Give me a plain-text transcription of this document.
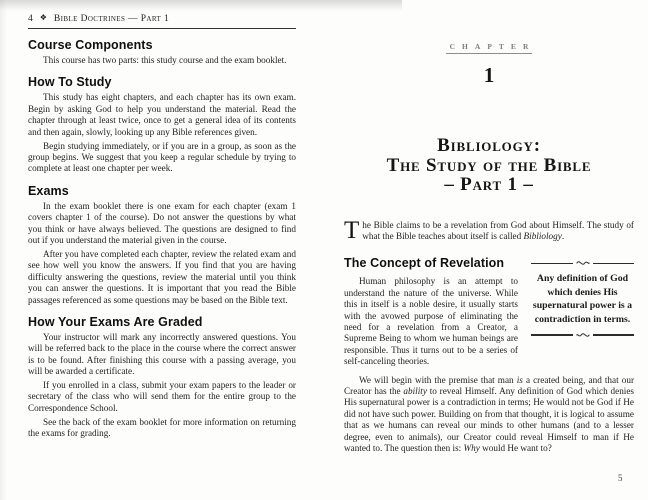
4 ❖ Bible Doctrines — Part 1
Course Components

This course has two parts: this study course and the exam booklet.

How To Study

This study has eight chapters, and each chapter has its own exam. Begin by asking God to help you understand the material. Read the chapter through at least twice, once to get a general idea of its contents and then again, slowly, looking up any Bible references given.

Begin studying immediately, or if you are in a group, as soon as the group begins. We suggest that you keep a regular schedule by trying to complete at least one chapter per week.

Exams

In the exam booklet there is one exam for each chapter (exam 1 covers chapter 1 of the course). Do not answer the questions by what you think or have always believed. The questions are designed to find out if you understand the material given in the course.

After you have completed each chapter, review the related exam and see how well you know the answers. If you find that you are having difficulty answering the questions, review the material until you think you can answer the questions. It is important that you read the Bible passages referenced as some questions may be based on the Bible text.

How Your Exams Are Graded

Your instructor will mark any incorrectly answered questions. You will be referred back to the place in the course where the correct answer is to be found. After finishing this course with a passing average, you will be awarded a certificate.

If you enrolled in a class, submit your exam papers to the leader or secretary of the class who will send them for the entire group to the Correspondence School.

See the back of the exam booklet for more information on returning the exams for grading.

C H A P T E R
1
Bibliology:
The Study of the Bible
– Part 1 –

The Bible claims to be a revelation from God about Himself. The study of what the Bible teaches about itself is called Bibliology.

The Concept of Revelation

Human philosophy is an attempt to understand the nature of the universe. While this in itself is a noble desire, it usually starts with the avowed purpose of eliminating the need for a revelation from a Creator, a Supreme Being to whom we human beings are responsible. Thus it turns out to be a series of self-canceling theories.

Any definition of God which denies His supernatural power is a contradiction in terms.

We will begin with the premise that man is a created being, and that our Creator has the ability to reveal Himself. Any definition of God which denies His supernatural power is a contradiction in terms; He would not be God if He did not have such power. Building on from that thought, it is logical to assume that as we humans can reveal our minds to other humans (and to a lesser degree, even to animals), our Creator could reveal Himself to man if He wanted to. The question then is: Why would He want to?

5
